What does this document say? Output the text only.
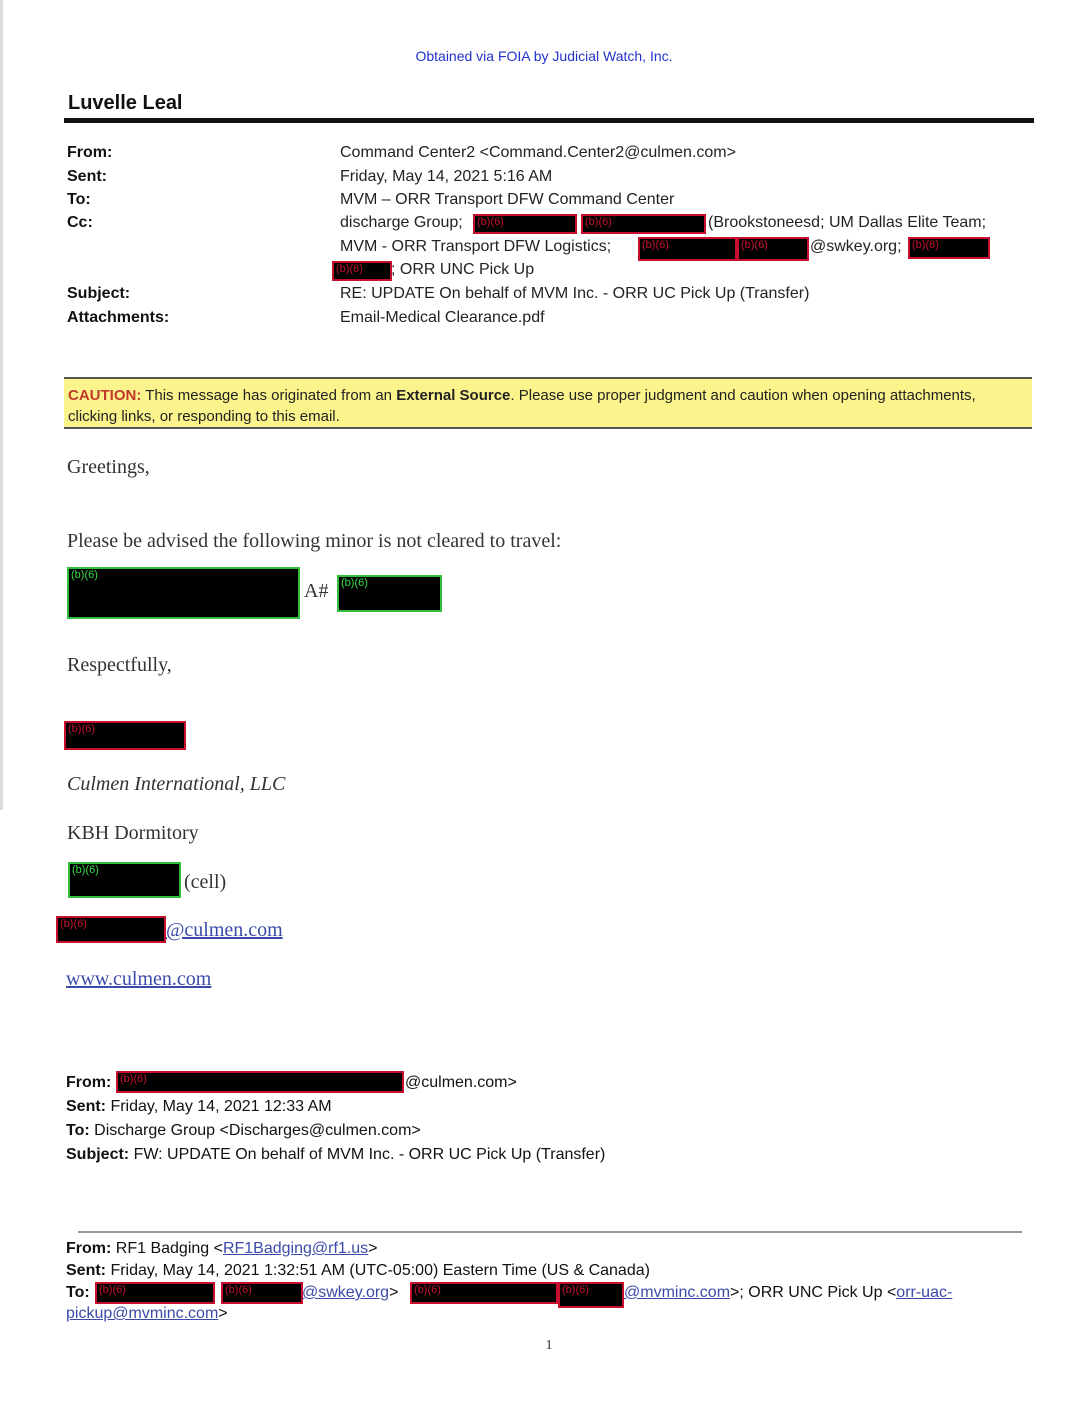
Obtained via FOIA by Judicial Watch, Inc.
Luvelle Leal
From:	Command Center2 <Command.Center2@culmen.com>
Sent:	Friday, May 14, 2021 5:16 AM
To:	MVM – ORR Transport DFW Command Center
Cc:	discharge Group; (b)(6)	(b)(6)	(Brookstoneesd; UM Dallas Elite Team;
MVM - ORR Transport DFW Logistics;	(b)(6)	(b)(6)	@swkey.org; (b)(6)
(b)(6) ; ORR UNC Pick Up
Subject:	RE: UPDATE On behalf of MVM Inc. - ORR UC Pick Up (Transfer)
Attachments:	Email-Medical Clearance.pdf
CAUTION: This message has originated from an External Source. Please use proper judgment and caution when opening attachments, clicking links, or responding to this email.
Greetings,
Please be advised the following minor is not cleared to travel:
(b)(6)
A# (b)(6)
Respectfully,
(b)(6)
Culmen International, LLC
KBH Dormitory
(b)(6)
(cell)
(b)(6)	@culmen.com
www.culmen.com
From: (b)(6)	@culmen.com>
Sent: Friday, May 14, 2021 12:33 AM
To: Discharge Group <Discharges@culmen.com>
Subject: FW: UPDATE On behalf of MVM Inc. - ORR UC Pick Up (Transfer)
From: RF1 Badging <RF1Badging@rf1.us>
Sent: Friday, May 14, 2021 1:32:51 AM (UTC-05:00) Eastern Time (US & Canada)
To: (b)(6)	(b)(6)	@swkey.org> (b)(6)	(b)(6) @mvminc.com>; ORR UNC Pick Up <orr-uac-
pickup@mvminc.com>
1
